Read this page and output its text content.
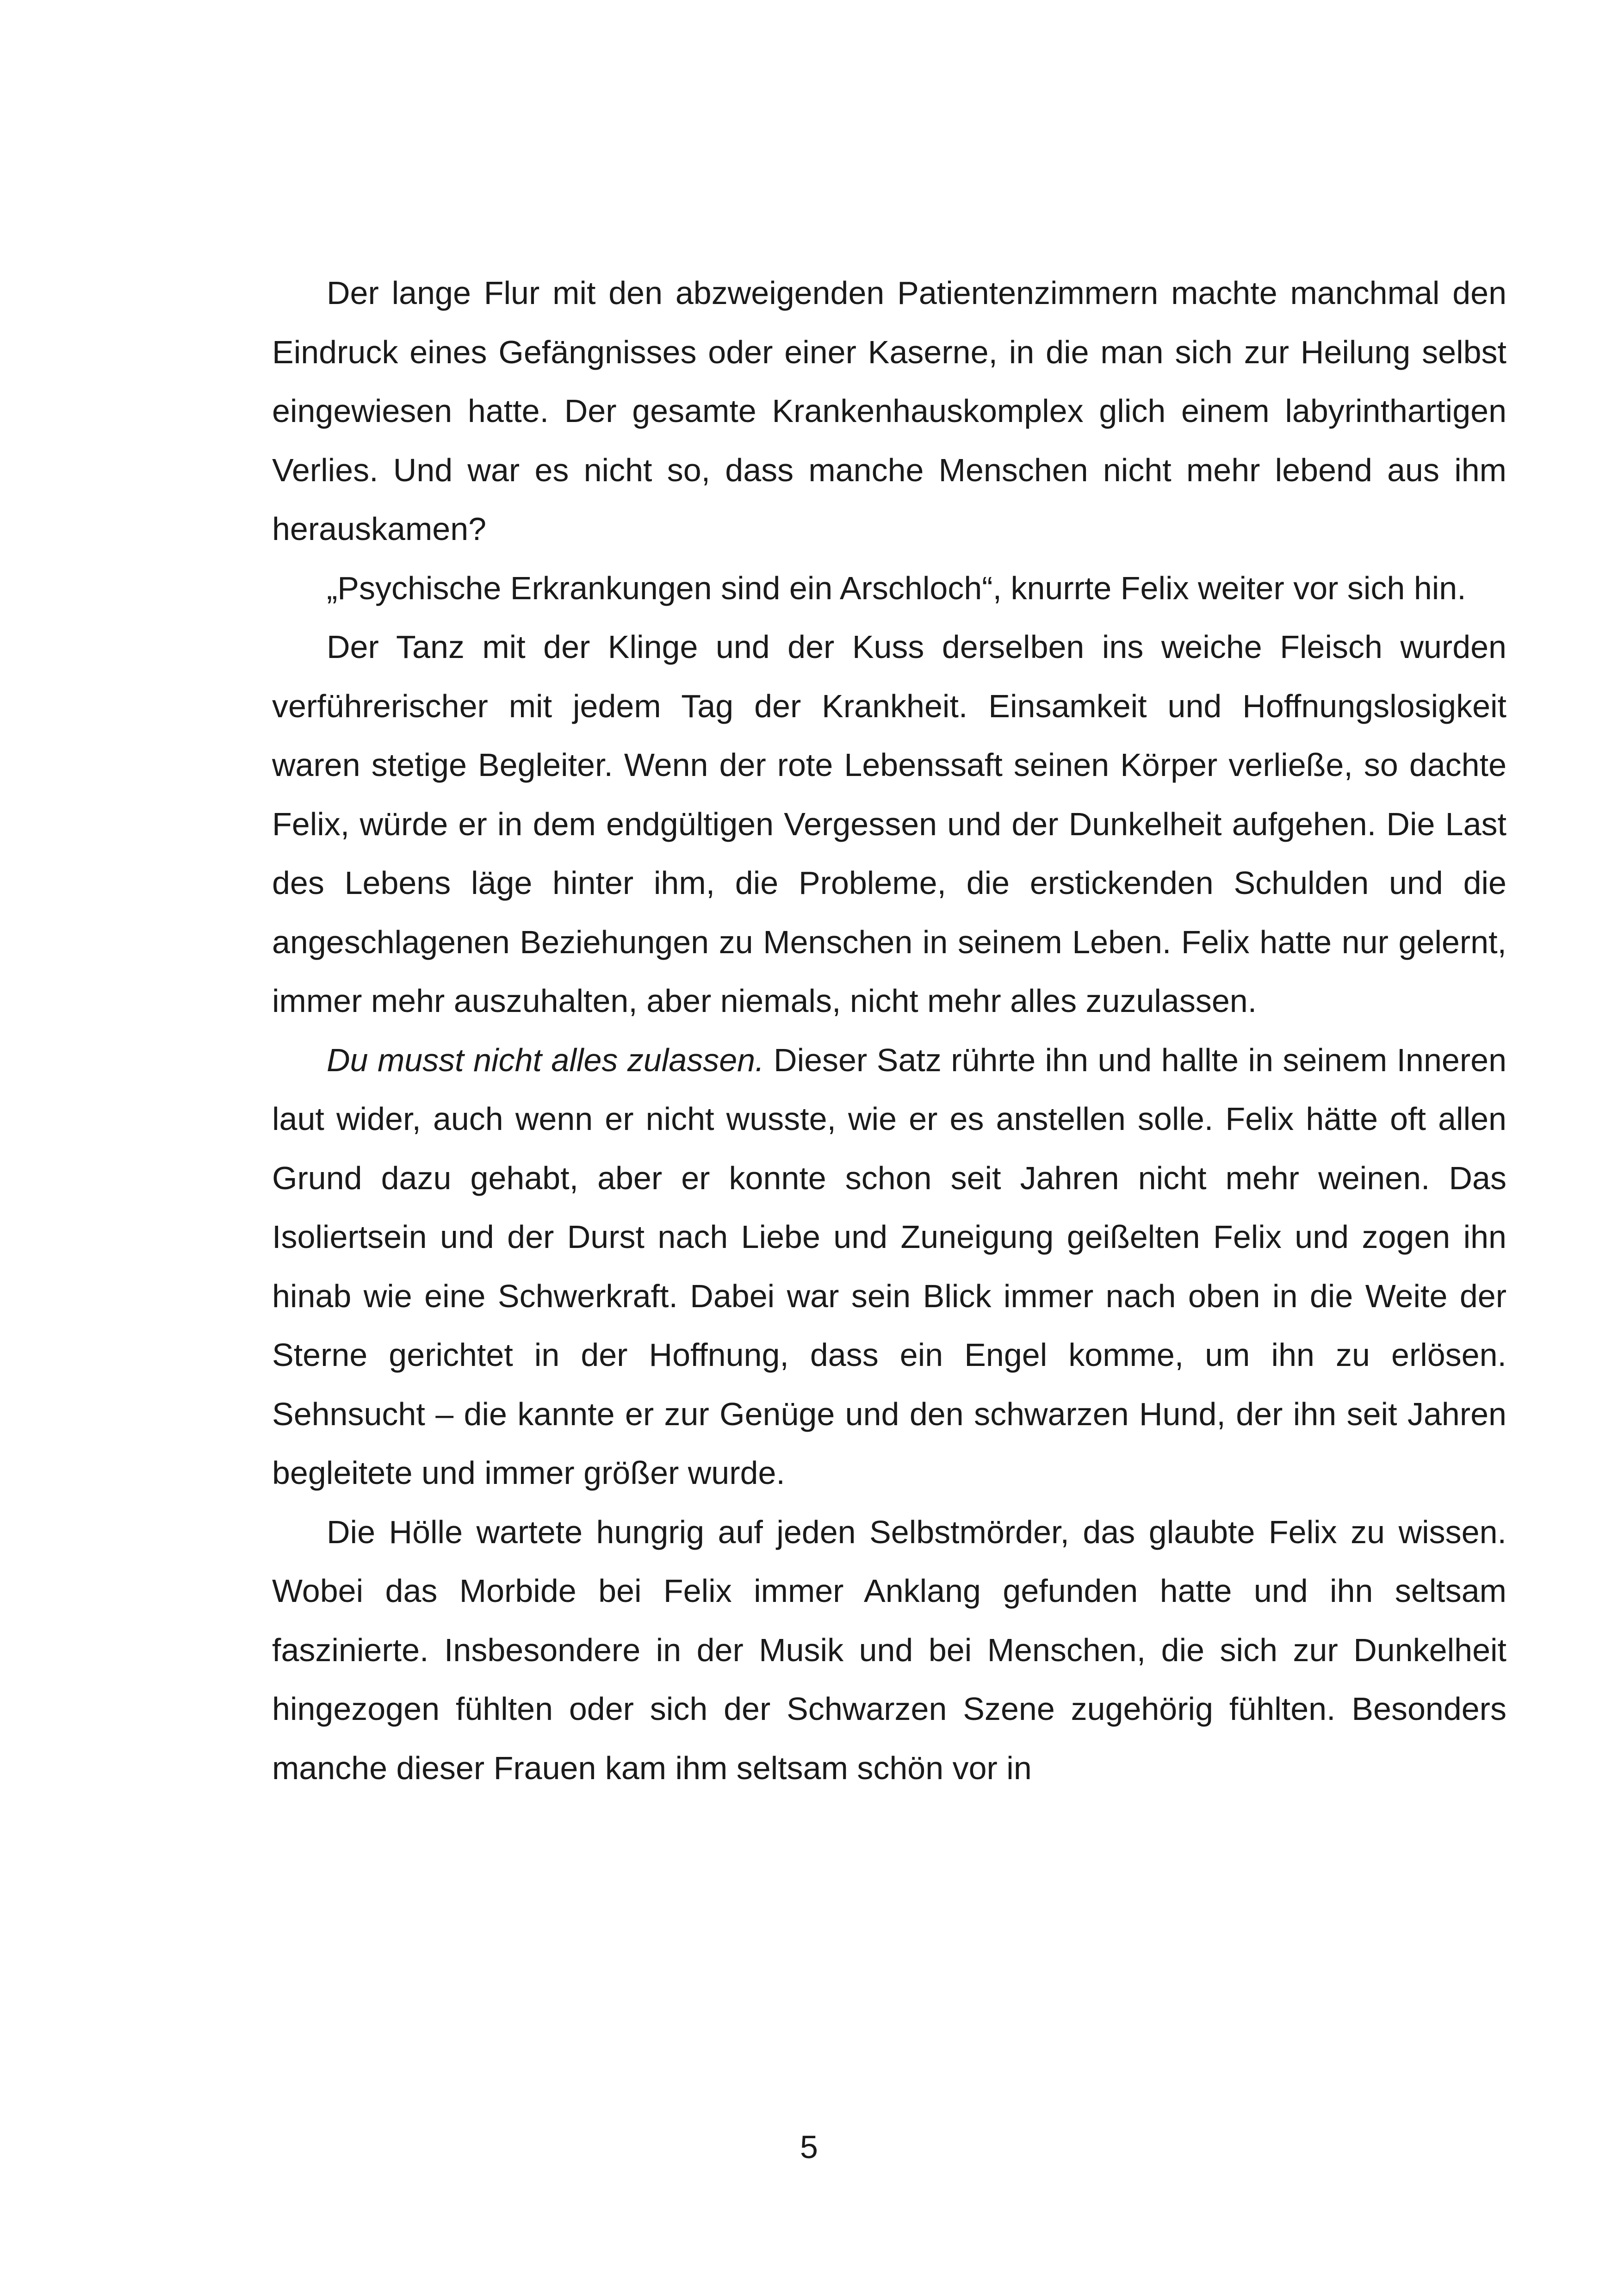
Der lange Flur mit den abzweigenden Patientenzimmern machte manchmal den Eindruck eines Gefängnisses oder einer Kaserne, in die man sich zur Heilung selbst eingewiesen hatte. Der gesamte Krankenhauskomplex glich einem labyrinthartigen Verlies. Und war es nicht so, dass manche Menschen nicht mehr lebend aus ihm herauskamen?

„Psychische Erkrankungen sind ein Arschloch“, knurrte Felix weiter vor sich hin.

Der Tanz mit der Klinge und der Kuss derselben ins weiche Fleisch wurden verführerischer mit jedem Tag der Krankheit. Einsamkeit und Hoffnungslosigkeit waren stetige Begleiter. Wenn der rote Lebenssaft seinen Körper verließe, so dachte Felix, würde er in dem endgültigen Vergessen und der Dunkelheit aufgehen. Die Last des Lebens läge hinter ihm, die Probleme, die erstickenden Schulden und die angeschlagenen Beziehungen zu Menschen in seinem Leben. Felix hatte nur gelernt, immer mehr auszuhalten, aber niemals, nicht mehr alles zuzulassen.

Du musst nicht alles zulassen. Dieser Satz rührte ihn und hallte in seinem Inneren laut wider, auch wenn er nicht wusste, wie er es anstellen solle. Felix hätte oft allen Grund dazu gehabt, aber er konnte schon seit Jahren nicht mehr weinen. Das Isoliertsein und der Durst nach Liebe und Zuneigung geißelten Felix und zogen ihn hinab wie eine Schwerkraft. Dabei war sein Blick immer nach oben in die Weite der Sterne gerichtet in der Hoffnung, dass ein Engel komme, um ihn zu erlösen. Sehnsucht – die kannte er zur Genüge und den schwarzen Hund, der ihn seit Jahren begleitete und immer größer wurde.

Die Hölle wartete hungrig auf jeden Selbstmörder, das glaubte Felix zu wissen. Wobei das Morbide bei Felix immer Anklang gefunden hatte und ihn seltsam faszinierte. Insbesondere in der Musik und bei Menschen, die sich zur Dunkelheit hingezogen fühlten oder sich der Schwarzen Szene zugehörig fühlten. Besonders manche dieser Frauen kam ihm seltsam schön vor in

5
